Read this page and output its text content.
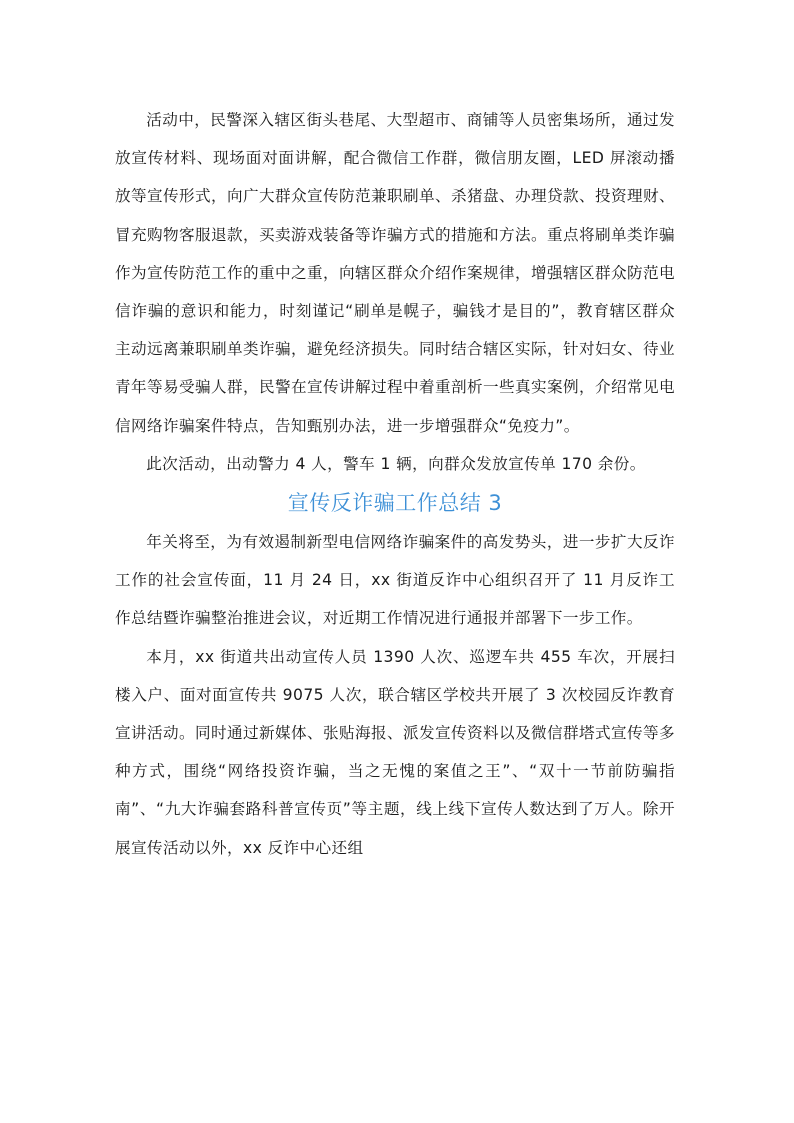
活动中，民警深入辖区街头巷尾、大型超市、商铺等人员密集场所，通过发放宣传材料、现场面对面讲解，配合微信工作群，微信朋友圈，LED 屏滚动播放等宣传形式，向广大群众宣传防范兼职刷单、杀猪盘、办理贷款、投资理财、冒充购物客服退款，买卖游戏装备等诈骗方式的措施和方法。重点将刷单类诈骗作为宣传防范工作的重中之重，向辖区群众介绍作案规律，增强辖区群众防范电信诈骗的意识和能力，时刻谨记“刷单是幌子，骗钱才是目的”，教育辖区群众主动远离兼职刷单类诈骗，避免经济损失。同时结合辖区实际，针对妇女、待业青年等易受骗人群，民警在宣传讲解过程中着重剖析一些真实案例，介绍常见电信网络诈骗案件特点，告知甄别办法，进一步增强群众“免疫力”。

此次活动，出动警力 4 人，警车 1 辆，向群众发放宣传单 170 余份。

宣传反诈骗工作总结 3

年关将至，为有效遏制新型电信网络诈骗案件的高发势头，进一步扩大反诈工作的社会宣传面，11 月 24 日，xx 街道反诈中心组织召开了 11 月反诈工作总结暨诈骗整治推进会议，对近期工作情况进行通报并部署下一步工作。

本月，xx 街道共出动宣传人员 1390 人次、巡逻车共 455 车次，开展扫楼入户、面对面宣传共 9075 人次，联合辖区学校共开展了 3 次校园反诈教育宣讲活动。同时通过新媒体、张贴海报、派发宣传资料以及微信群塔式宣传等多种方式，围绕“网络投资诈骗，当之无愧的案值之王”、“双十一节前防骗指南”、“九大诈骗套路科普宣传页”等主题，线上线下宣传人数达到了万人。除开展宣传活动以外，xx 反诈中心还组
